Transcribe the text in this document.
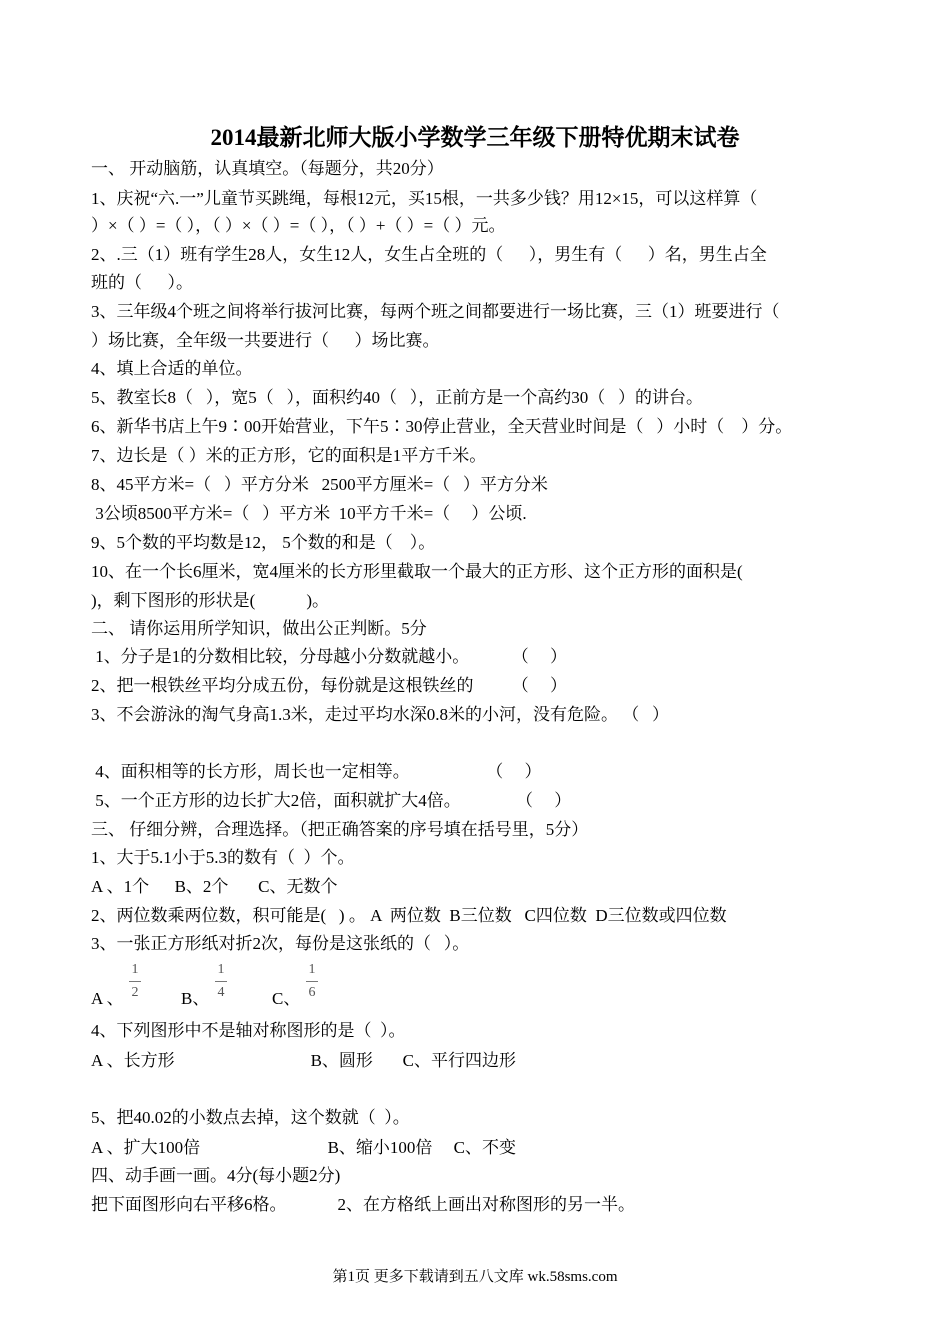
2014最新北师大版小学数学三年级下册特优期末试卷
一、 开动脑筋，认真填空。（每题分，共20分）
1、庆祝“六.一”儿童节买跳绳，每根12元，买15根，一共多少钱？用12×15，可以这样算（
）×（ ）=（ ），（ ）×（ ）=（ ），（ ）+（ ）=（ ）元。
2、.三（1）班有学生28人，女生12人，女生占全班的（      ），男生有（      ）名，男生占全
班的（      ）。
3、三年级4个班之间将举行拔河比赛，每两个班之间都要进行一场比赛，三（1）班要进行（
）场比赛，全年级一共要进行（      ）场比赛。
4、填上合适的单位。
5、教室长8（   ），宽5（   ），面积约40（   ），正前方是一个高约30（   ）的讲台。
6、新华书店上午9∶00开始营业，下午5∶30停止营业，全天营业时间是（   ）小时（    ）分。
7、边长是（ ）米的正方形，它的面积是1平方千米。
8、45平方米=（   ）平方分米   2500平方厘米=（   ）平方分米
3公顷8500平方米=（   ）平方米  10平方千米=（     ）公顷.
9、5个数的平均数是12， 5个数的和是（    ）。
10、在一个长6厘米，宽4厘米的长方形里截取一个最大的正方形、这个正方形的面积是(
)，剩下图形的形状是(            )。
二、 请你运用所学知识，做出公正判断。5分
1、分子是1的分数相比较，分母越小分数就越小。          （     ）
2、把一根铁丝平均分成五份，每份就是这根铁丝的         （     ）
3、不会游泳的淘气身高1.3米，走过平均水深0.8米的小河，没有危险。 （   ）
4、面积相等的长方形，周长也一定相等。                  （     ）
5、一个正方形的边长扩大2倍，面积就扩大4倍。             （     ）
三、 仔细分辨，合理选择。（把正确答案的序号填在括号里，5分）
1、大于5.1小于5.3的数有（  ）个。
A 、1个      B、2个       C、无数个
2、两位数乘两位数，积可能是(   ) 。 A  两位数  B三位数   C四位数  D三位数或四位数
3、一张正方形纸对折2次，每份是这张纸的（   ）。
A 、
1
2	B、
1
4	C、
1
6
4、下列图形中不是轴对称图形的是（  ）。
A 、长方形                                B、圆形       C、平行四边形
5、把40.02的小数点去掉，这个数就（  ）。
A 、扩大100倍                              B、缩小100倍     C、不变
四、动手画一画。4分(每小题2分)
把下面图形向右平移6格。            2、在方格纸上画出对称图形的另一半。
第1页 更多下载请到五八文库 wk.58sms.com
